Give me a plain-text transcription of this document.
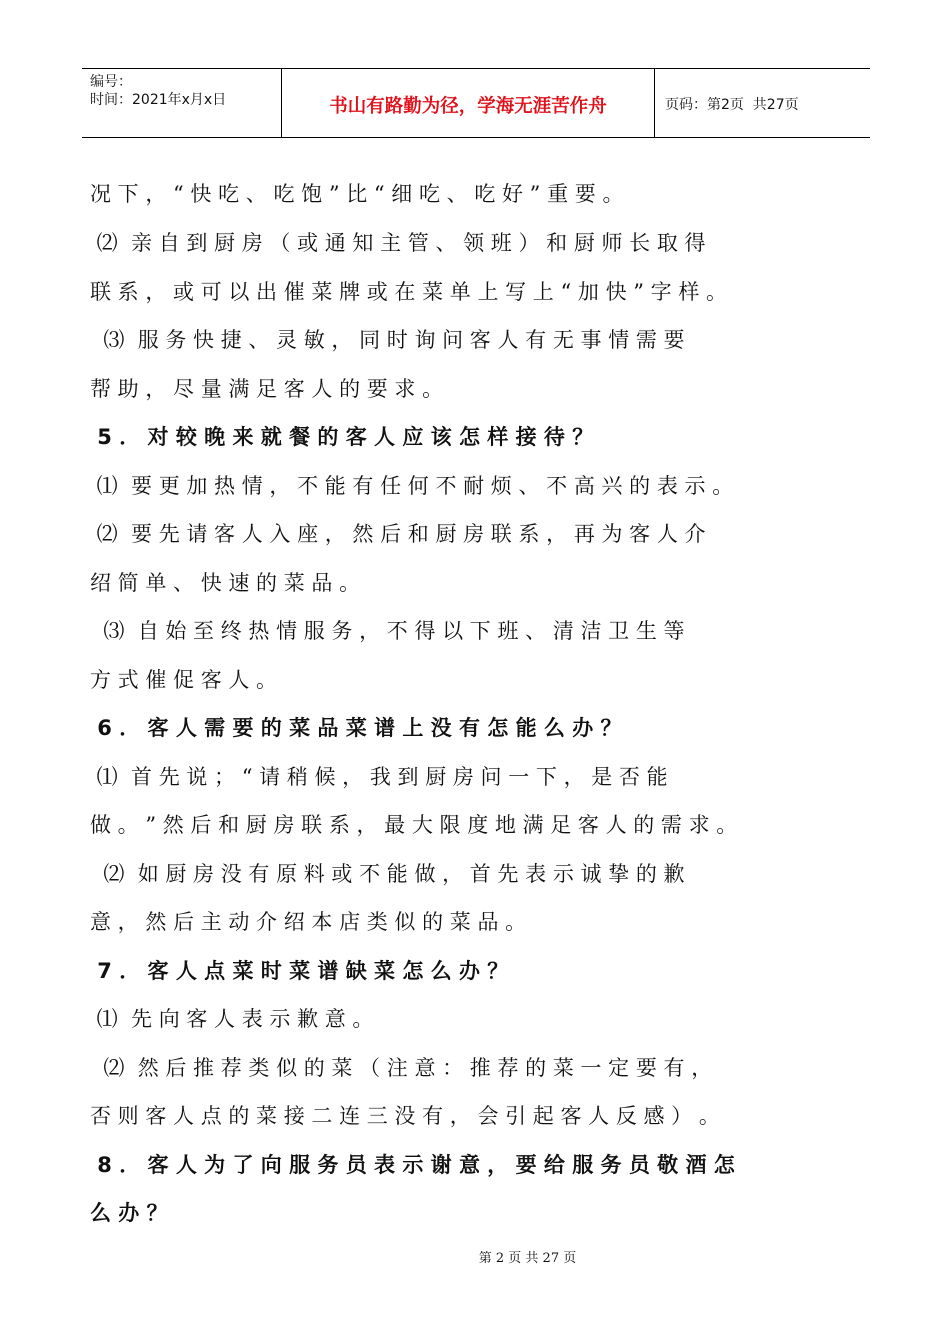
编号：
时间：2021年x月x日	书山有路勤为径，学海无涯苦作舟	页码：第2页  共27页
况 下 ， “ 快 吃 、 吃 饱 ” 比 “ 细 吃 、 吃 好 ” 重 要 。
⑵  亲 自 到 厨 房 （ 或 通 知 主 管 、 领 班 ） 和 厨 师 长 取 得
联 系 ， 或 可 以 出 催 菜 牌 或 在 菜 单 上 写 上 “ 加 快 ” 字 样 。
⑶  服 务 快 捷 、 灵 敏 ， 同 时 询 问 客 人 有 无 事 情 需 要
帮 助 ， 尽 量 满 足 客 人 的 要 求 。
5 ． 对 较 晚 来 就 餐 的 客 人 应 该 怎 样 接 待 ？
⑴  要 更 加 热 情 ， 不 能 有 任 何 不 耐 烦 、 不 高 兴 的 表 示 。
⑵  要 先 请 客 人 入 座 ， 然 后 和 厨 房 联 系 ， 再 为 客 人 介
绍 简 单 、 快 速 的 菜 品 。
⑶  自 始 至 终 热 情 服 务 ， 不 得 以 下 班 、 清 洁 卫 生 等
方 式 催 促 客 人 。
6 ． 客 人 需 要 的 菜 品 菜 谱 上 没 有 怎 能 么 办 ？
⑴  首 先 说 ； “ 请 稍 候 ， 我 到 厨 房 问 一 下 ， 是 否 能
做 。 ” 然 后 和 厨 房 联 系 ， 最 大 限 度 地 满 足 客 人 的 需 求 。
⑵  如 厨 房 没 有 原 料 或 不 能 做 ， 首 先 表 示 诚 挚 的 歉
意 ， 然 后 主 动 介 绍 本 店 类 似 的 菜 品 。
7 ． 客 人 点 菜 时 菜 谱 缺 菜 怎 么 办 ？
⑴  先 向 客 人 表 示 歉 意 。
⑵  然 后 推 荐 类 似 的 菜 （ 注 意 ： 推 荐 的 菜 一 定 要 有 ，
否 则 客 人 点 的 菜 接 二 连 三 没 有 ， 会 引 起 客 人 反 感 ） 。
8 ． 客 人 为 了 向 服 务 员 表 示 谢 意 ， 要 给 服 务 员 敬 酒 怎
么 办 ？
第 2 页 共 27 页
